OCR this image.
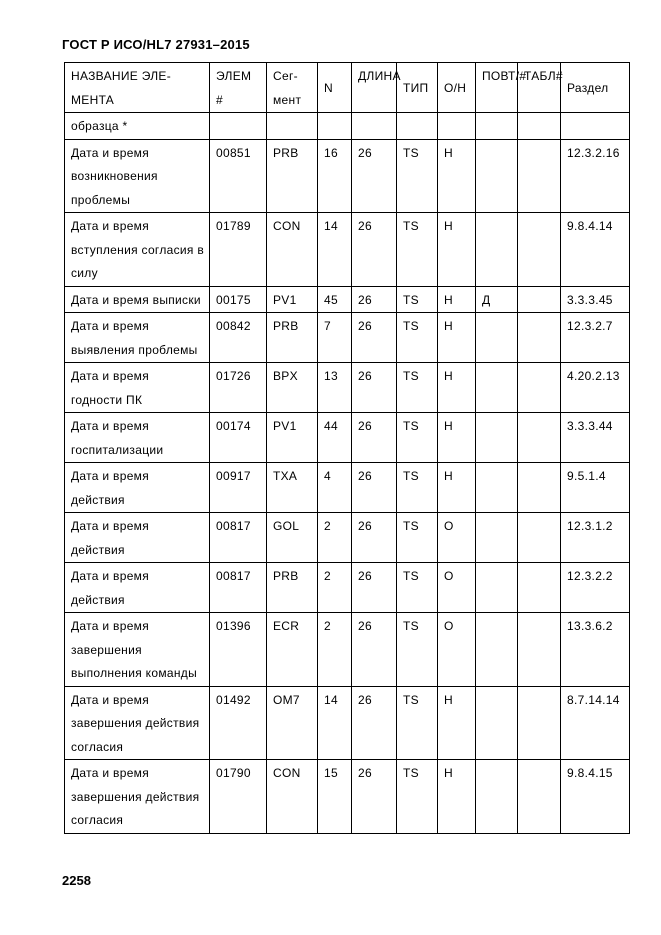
ГОСТ Р ИСО/HL7 27931–2015
НАЗВАНИЕ ЭЛЕ-МЕНТА	ЭЛЕМ #	Сег-мент	N	ДЛИНА	ТИП	О/Н	ПОВТ/#	ТАБЛ#	Раздел
образца *									
Дата и время возникновения проблемы	00851	PRB	16	26	TS	Н			12.3.2.16
Дата и время вступления согласия в силу	01789	CON	14	26	TS	Н			9.8.4.14
Дата и время выписки	00175	PV1	45	26	TS	Н	Д		3.3.3.45
Дата и время выявления проблемы	00842	PRB	7	26	TS	Н			12.3.2.7
Дата и время годности ПК	01726	BPX	13	26	TS	Н			4.20.2.13
Дата и время госпитализации	00174	PV1	44	26	TS	Н			3.3.3.44
Дата и время действия	00917	TXA	4	26	TS	Н			9.5.1.4
Дата и время действия	00817	GOL	2	26	TS	О			12.3.1.2
Дата и время действия	00817	PRB	2	26	TS	О			12.3.2.2
Дата и время завершения выполнения команды	01396	ECR	2	26	TS	О			13.3.6.2
Дата и время завершения действия согласия	01492	OM7	14	26	TS	Н			8.7.14.14
Дата и время завершения действия согласия	01790	CON	15	26	TS	Н			9.8.4.15
2258
